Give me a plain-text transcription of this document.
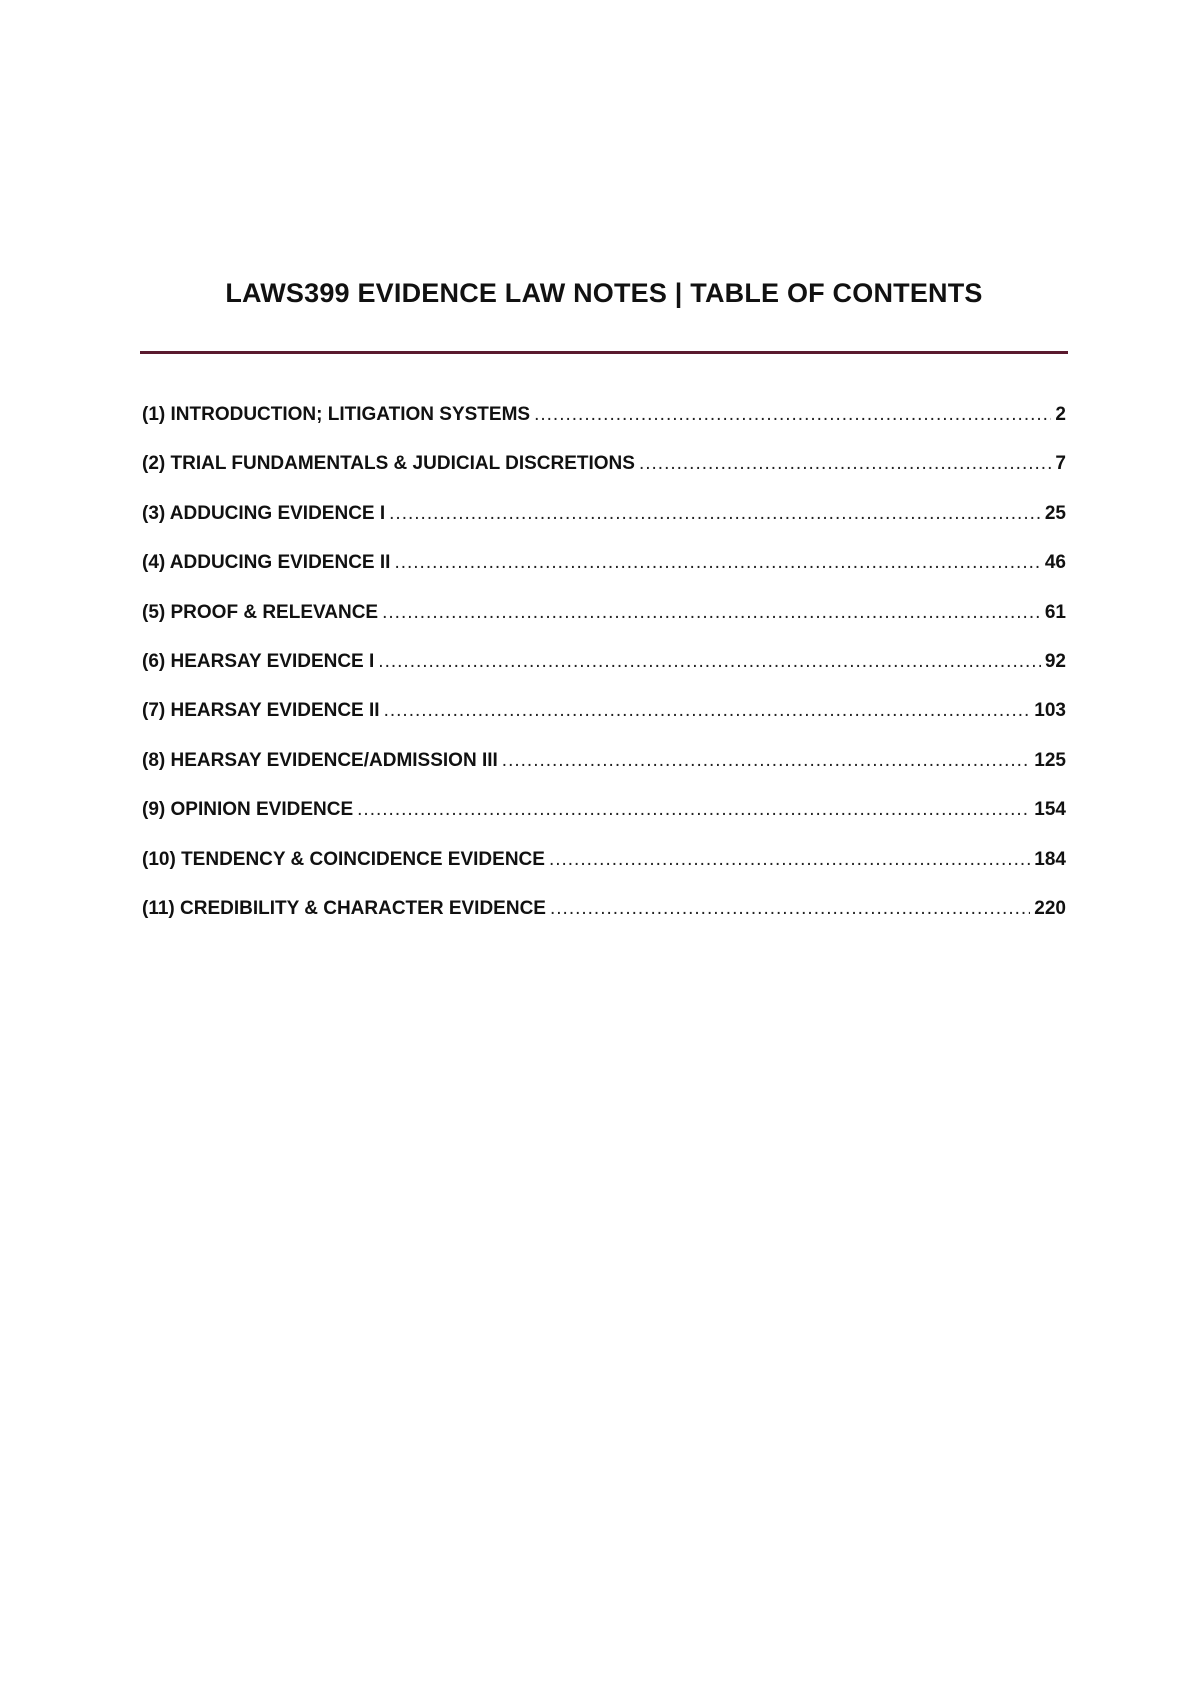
LAWS399 EVIDENCE LAW NOTES | TABLE OF CONTENTS
(1) INTRODUCTION; LITIGATION SYSTEMS .....	2
(2) TRIAL FUNDAMENTALS & JUDICIAL DISCRETIONS .....	7
(3) ADDUCING EVIDENCE I .....	25
(4) ADDUCING EVIDENCE II .....	46
(5) PROOF & RELEVANCE .....	61
(6) HEARSAY EVIDENCE I .....	92
(7) HEARSAY EVIDENCE II .....	103
(8) HEARSAY EVIDENCE/ADMISSION III .....	125
(9) OPINION EVIDENCE .....	154
(10) TENDENCY & COINCIDENCE EVIDENCE .....	184
(11) CREDIBILITY & CHARACTER EVIDENCE .....	220
